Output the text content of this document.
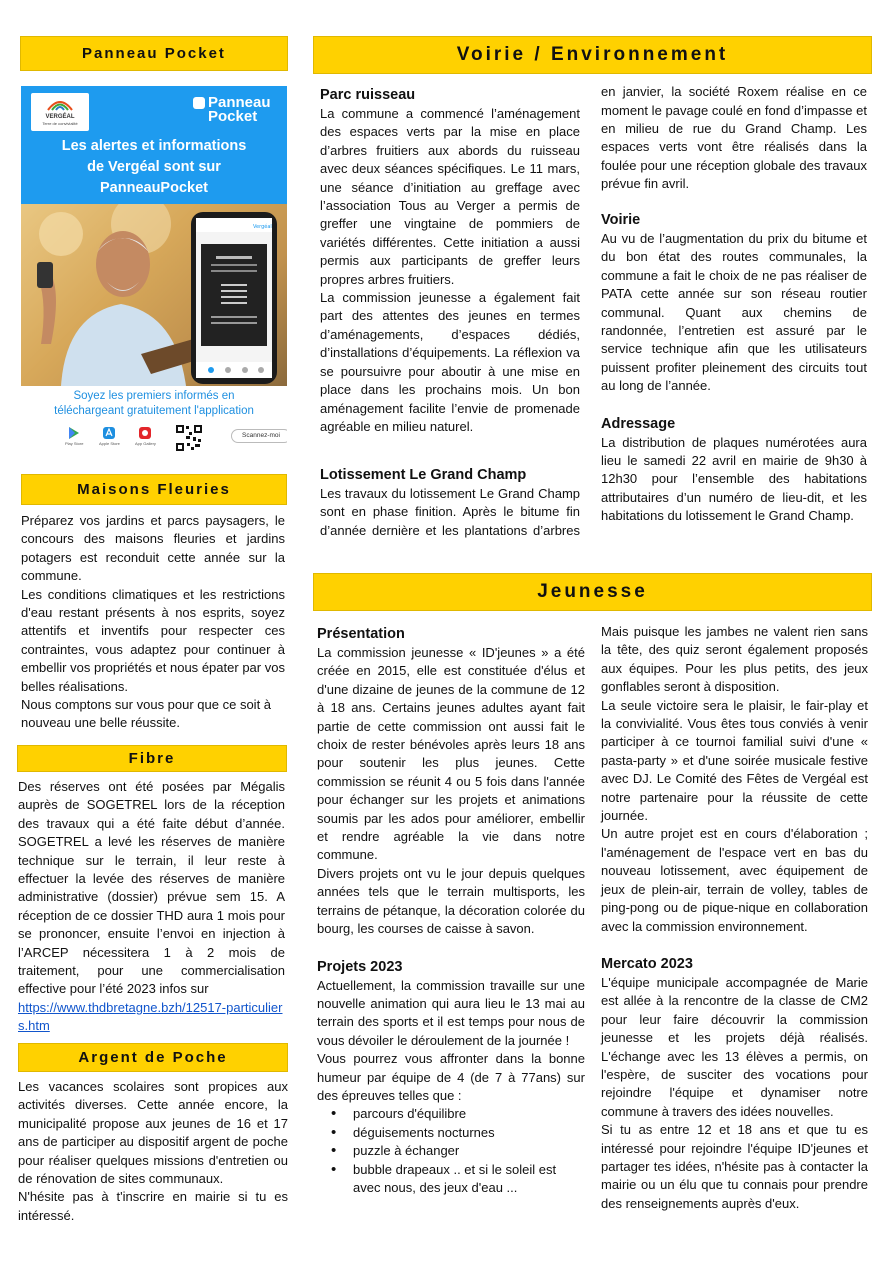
Panneau Pocket	Voirie / Environnement
Maisons Fleuries
Fibre
Argent de Poche
Jeunesse
VERGÉAL
Terre de convivialité
Panneau
Pocket
Les alertes et informations
de Vergéal sont sur
PanneauPocket
Vergéal
Soyez les premiers informés en
téléchargeant gratuitement l'application
Play Store	Apple Store	App Gallery
Scannez-moi

Préparez vos jardins et parcs paysagers, le concours des maisons fleuries et jardins potagers est reconduit cette année sur la commune.

Les conditions climatiques et les restrictions d'eau restant présents à nos esprits, soyez attentifs et inventifs pour respecter ces contraintes, vous adaptez pour continuer à embellir vos propriétés et nous épater par vos belles réalisations.

Nous comptons sur vous pour que ce soit à nouveau une belle réussite.

Des réserves ont été posées par Mégalis auprès de SOGETREL lors de la réception des travaux qui a été faite début d’année. SOGETREL a levé les réserves de manière technique sur le terrain, il leur reste à effectuer la levée des réserves de manière administrative (dossier) prévue sem 15. A réception de ce dossier THD aura 1 mois pour se prononcer, ensuite l’envoi en injection à l’ARCEP nécessitera 1 à 2 mois de traitement, pour une commercialisation effective pour l’été 2023 infos sur

https://www.thdbretagne.bzh/12517-particuliers.htm

Les vacances scolaires sont propices aux activités diverses. Cette année encore, la municipalité propose aux jeunes de 16 et 17 ans de participer au dispositif argent de poche pour réaliser quelques missions d'entretien ou de rénovation de sites communaux.

N'hésite pas à t'inscrire en mairie si tu es intéressé.

Parc ruisseau

La commune a commencé l’aménagement des espaces verts par la mise en place d’arbres fruitiers aux abords du ruisseau avec deux séances spécifiques. Le 11 mars, une séance d’initiation au greffage avec l’association Tous au Verger a permis de greffer une vingtaine de pommiers de variétés différentes. Cette initiation a aussi permis aux participants de greffer leurs propres arbres fruitiers.

La commission jeunesse a également fait part des attentes des jeunes en termes d’aménagements, d’espaces dédiés, d’installations d’équipements. La réflexion va se poursuivre pour aboutir à une mise en place dans les prochains mois. Un bon aménagement facilite l’envie de promenade agréable en milieu naturel.

Lotissement Le Grand Champ

Les travaux du lotissement Le Grand Champ sont en phase finition. Après le bitume fin d’année dernière et les plantations d’arbres

en janvier, la société Roxem réalise en ce moment le pavage coulé en fond d’impasse et en milieu de rue du Grand Champ. Les espaces verts vont être réalisés dans la foulée pour une réception globale des travaux prévue fin avril.

Voirie

Au vu de l’augmentation du prix du bitume et du bon état des routes communales, la commune a fait le choix de ne pas réaliser de PATA cette année sur son réseau routier communal. Quant aux chemins de randonnée, l’entretien est assuré par le service technique afin que les utilisateurs puissent profiter pleinement des circuits tout au long de l’année.

Adressage

La distribution de plaques numérotées aura lieu le samedi 22 avril en mairie de 9h30 à 12h30 pour l’ensemble des habitations attributaires d’un numéro de lieu-dit, et les habitations du lotissement le Grand Champ.

Présentation

La commission jeunesse « ID'jeunes » a été créée en 2015, elle est constituée d'élus et d'une dizaine de jeunes de la commune de 12 à 18 ans. Certains jeunes adultes ayant fait partie de cette commission ont aussi fait le choix de rester bénévoles après leurs 18 ans pour soutenir les plus jeunes. Cette commission se réunit 4 ou 5 fois dans l'année pour échanger sur les projets et animations soumis par les ados pour améliorer, embellir et rendre agréable la vie dans notre commune.

Divers projets ont vu le jour depuis quelques années tels que le terrain multisports, les terrains de pétanque, la décoration colorée du bourg, les courses de caisse à savon.

Projets 2023

Actuellement, la commission travaille sur une nouvelle animation qui aura lieu le 13 mai au terrain des sports et il est temps pour nous de vous dévoiler le déroulement de la journée !

Vous pourrez vous affronter dans la bonne humeur par équipe de 4 (de 7 à 77ans) sur des épreuves telles que :

• parcours d'équilibre
• déguisements nocturnes
• puzzle à échanger
• bubble drapeaux .. et si le soleil est avec nous, des jeux d'eau ...

Mais puisque les jambes ne valent rien sans la tête, des quiz seront également proposés aux équipes. Pour les plus petits, des jeux gonflables seront à disposition.

La seule victoire sera le plaisir, le fair-play et la convivialité. Vous êtes tous conviés à venir participer à ce tournoi familial suivi d'une « pasta-party » et d'une soirée musicale festive avec DJ. Le Comité des Fêtes de Vergéal est notre partenaire pour la réussite de cette journée.

Un autre projet est en cours d'élaboration ; l'aménagement de l'espace vert en bas du nouveau lotissement, avec équipement de jeux de plein-air, terrain de volley, tables de ping-pong ou de pique-nique en collaboration avec la commission environnement.

Mercato 2023

L'équipe municipale accompagnée de Marie est allée à la rencontre de la classe de CM2 pour leur faire découvrir la commission jeunesse et les projets déjà réalisés. L'échange avec les 13 élèves a permis, on l'espère, de susciter des vocations pour rejoindre l'équipe et dynamiser notre commune à travers des idées nouvelles.

Si tu as entre 12 et 18 ans et que tu es intéressé pour rejoindre l'équipe ID'jeunes et partager tes idées, n'hésite pas à contacter la mairie ou un élu que tu connais pour prendre des renseignements auprès d'eux.
